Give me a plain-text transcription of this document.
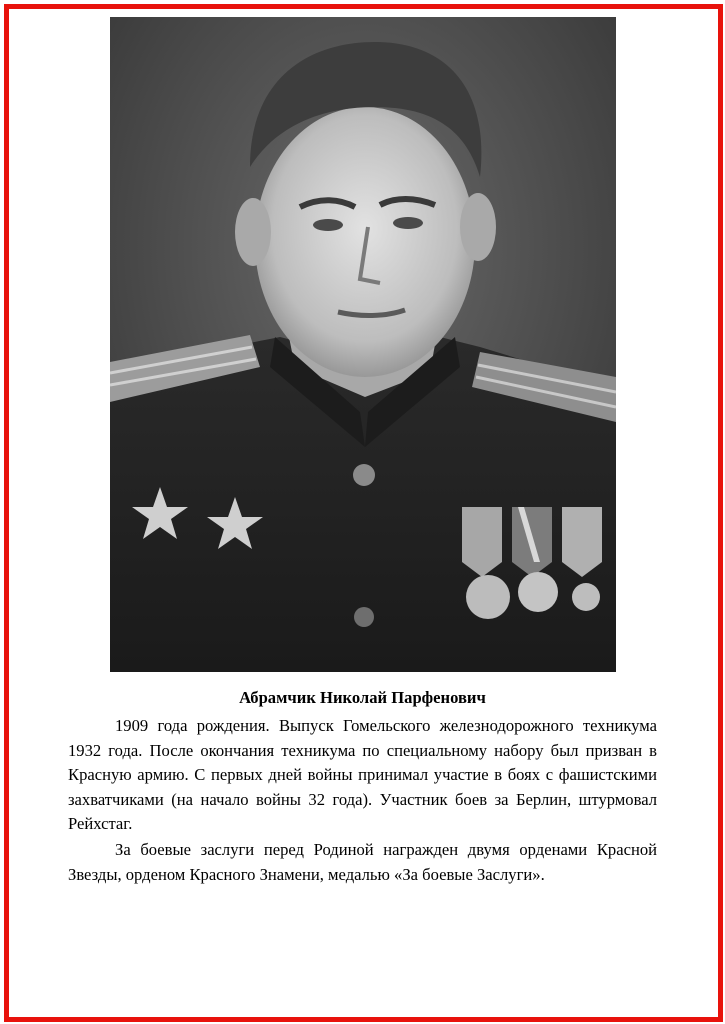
Абрамчик Николай Парфенович

1909 года рождения. Выпуск Гомельского железнодорожного техникума 1932 года. После окончания техникума по специальному набору был призван в Красную армию. С первых дней войны принимал участие в боях с фашистскими захватчиками (на начало войны 32 года). Участник боев за Берлин, штурмовал Рейхстаг.

За боевые заслуги перед Родиной награжден двумя орденами Красной Звезды, орденом Красного Знамени, медалью «За боевые Заслуги».
